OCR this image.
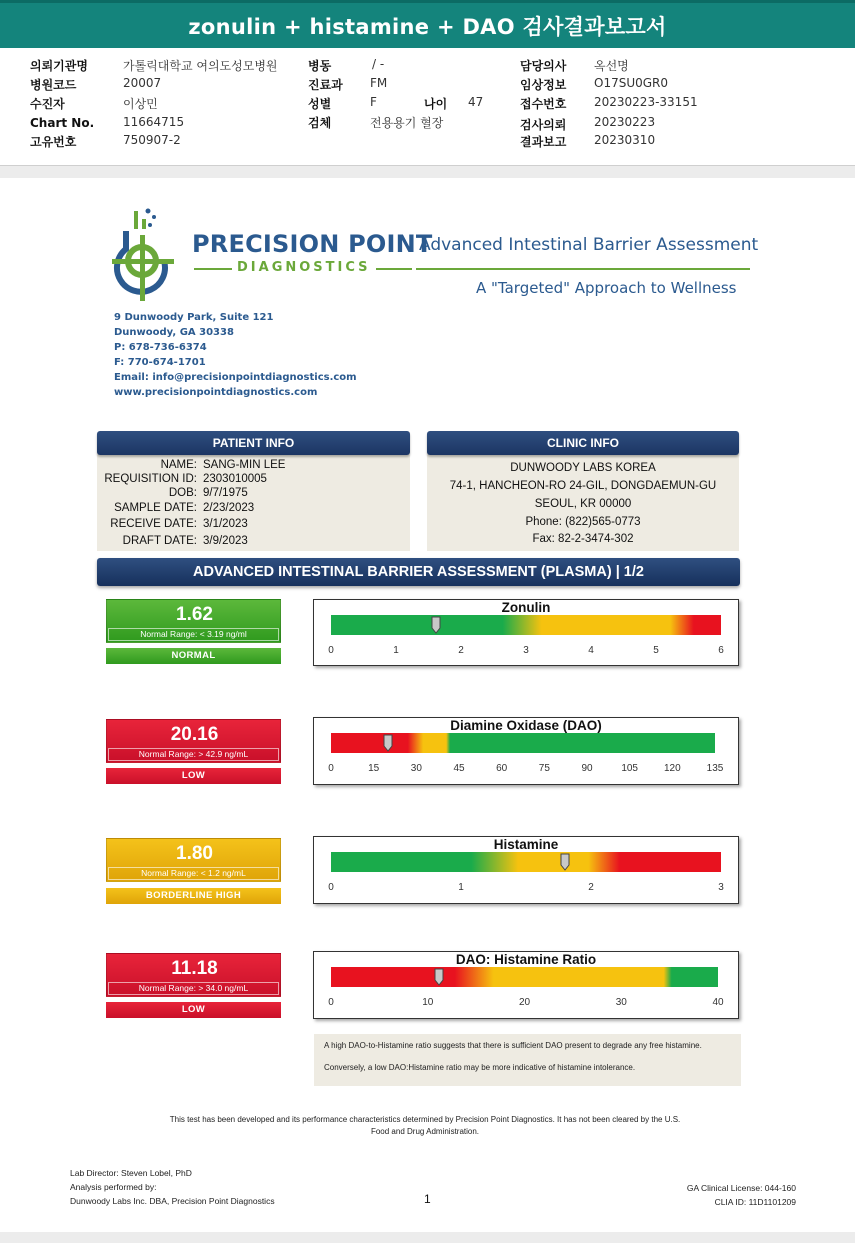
zonulin + histamine + DAO 검사결과보고서
의뢰기관명	가톨릭대학교 여의도성모병원
병원코드	20007
수진자	이상민
Chart No. 11664715
고유번호	750907-2
병동	/ -
진료과 FM
성별	F	나이 47
검체	전용용기 혈장
담당의사 옥선명
임상정보 O17SU0GR0
접수번호 20230223-33151
검사의뢰 20230223
결과보고 20230310
PRECISION POINT
DIAGNOSTICS
Advanced Intestinal Barrier Assessment
A "Targeted" Approach to Wellness
9 Dunwoody Park, Suite 121
Dunwoody, GA 30338
P: 678-736-6374
F: 770-674-1701
Email: info@precisionpointdiagnostics.com
www.precisionpointdiagnostics.com
NAME: SANG-MIN LEE
REQUISITION ID: 2303010005
DOB: 9/7/1975
SAMPLE DATE: 2/23/2023
RECEIVE DATE: 3/1/2023
DRAFT DATE: 3/9/2023
PATIENT INFO
DUNWOODY LABS KOREA
74-1, HANCHEON-RO 24-GIL, DONGDAEMUN-GU
SEOUL, KR 00000
Phone: (822)565-0773
Fax: 82-2-3474-302
CLINIC INFO
ADVANCED INTESTINAL BARRIER ASSESSMENT (PLASMA) | 1/2
1.62
Normal Range: < 3.19 ng/ml
NORMAL
20.16
Normal Range: > 42.9 ng/mL
LOW
1.80
Normal Range: < 1.2 ng/mL
BORDERLINE HIGH
11.18
Normal Range: > 34.0 ng/mL
LOW
Zonulin
0	1	2	3	4	5	6
Diamine Oxidase (DAO)
0	15	30	45	60	75	90	105	120	135
Histamine
0	1	2	3
DAO: Histamine Ratio
0	10	20	30	40
A high DAO-to-Histamine ratio suggests that there is sufficient DAO present to degrade any free histamine.
Conversely, a low DAO:Histamine ratio may be more indicative of histamine intolerance.
This test has been developed and its performance characteristics determined by Precision Point Diagnostics. It has not been cleared by the U.S.
Food and Drug Administration.
Lab Director: Steven Lobel, PhD
Analysis performed by:
Dunwoody Labs Inc. DBA, Precision Point Diagnostics	1
GA Clinical License: 044-160
CLIA ID: 11D1101209
